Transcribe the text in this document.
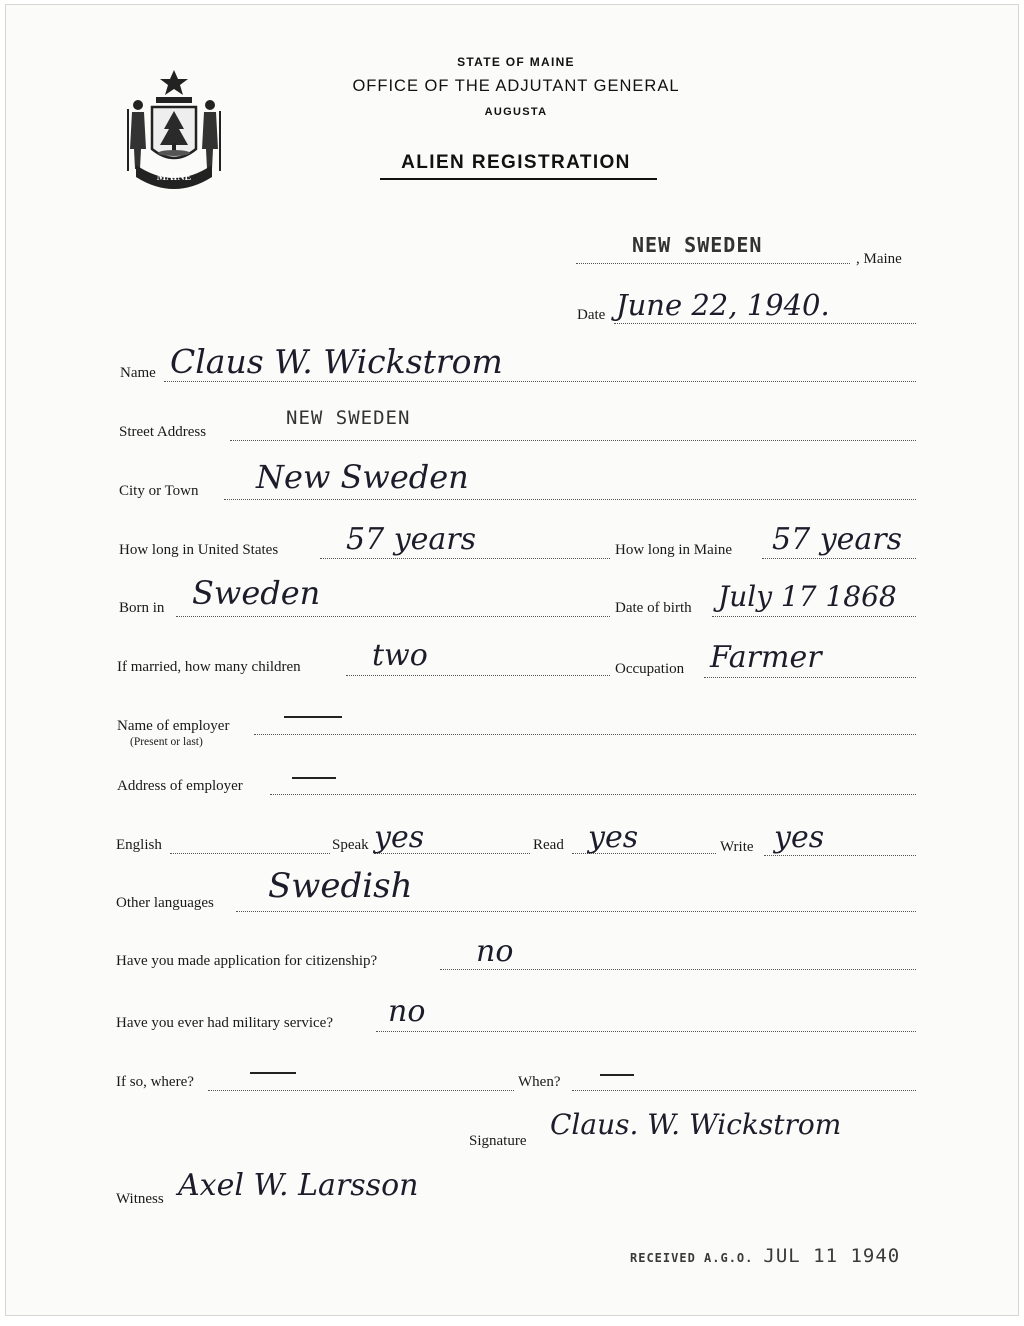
MAINE
STATE OF MAINE
OFFICE OF THE ADJUTANT GENERAL
AUGUSTA
ALIEN REGISTRATION
NEW SWEDEN
, Maine
Date June 22, 1940.
Name Claus W. Wickstrom
Street Address
NEW SWEDEN
City or Town New Sweden
How long in United States 57 years	How long in Maine 57 years
Born in Sweden	Date of birth July 17 1868
If married, how many children two	Occupation Farmer
Name of employer
(Present or last)
Address of employer
English	Speak yes	Read yes	Write yes
Other languages Swedish
Have you made application for citizenship?	no
Have you ever had military service? no
If so, where?	When?
Signature Claus. W. Wickstrom
Witness Axel W. Larsson
RECEIVED A.G.O. JUL 11 1940
